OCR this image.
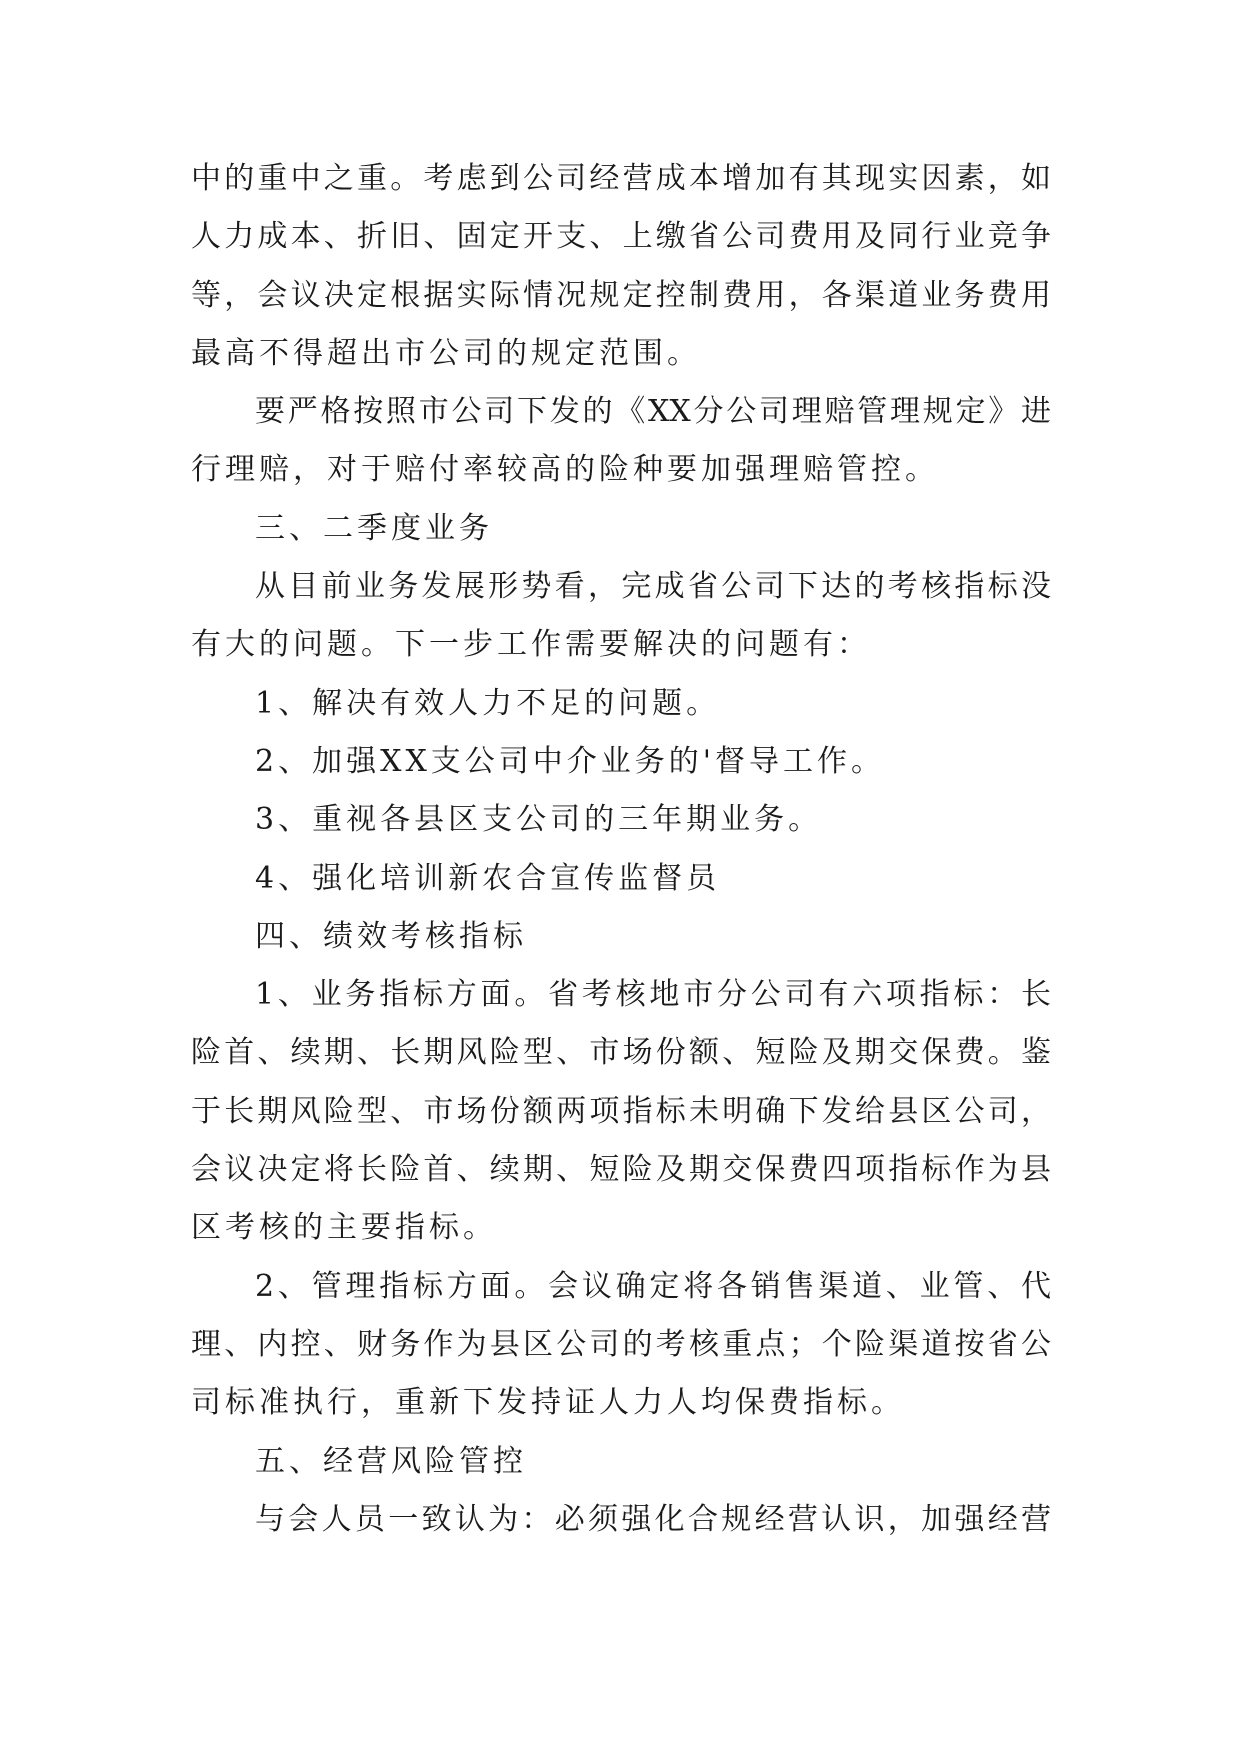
中的重中之重。考虑到公司经营成本增加有其现实因素，如
人力成本、折旧、固定开支、上缴省公司费用及同行业竞争
等，会议决定根据实际情况规定控制费用，各渠道业务费用
最高不得超出市公司的规定范围。
要严格按照市公司下发的《XX分公司理赔管理规定》进
行理赔，对于赔付率较高的险种要加强理赔管控。
三、二季度业务
从目前业务发展形势看，完成省公司下达的考核指标没
有大的问题。下一步工作需要解决的问题有：
1、解决有效人力不足的问题。
2、加强XX支公司中介业务的'督导工作。
3、重视各县区支公司的三年期业务。
4、强化培训新农合宣传监督员
四、绩效考核指标
1、业务指标方面。省考核地市分公司有六项指标：长
险首、续期、长期风险型、市场份额、短险及期交保费。鉴
于长期风险型、市场份额两项指标未明确下发给县区公司，
会议决定将长险首、续期、短险及期交保费四项指标作为县
区考核的主要指标。
2、管理指标方面。会议确定将各销售渠道、业管、代
理、内控、财务作为县区公司的考核重点；个险渠道按省公
司标准执行，重新下发持证人力人均保费指标。
五、经营风险管控
与会人员一致认为：必须强化合规经营认识，加强经营
